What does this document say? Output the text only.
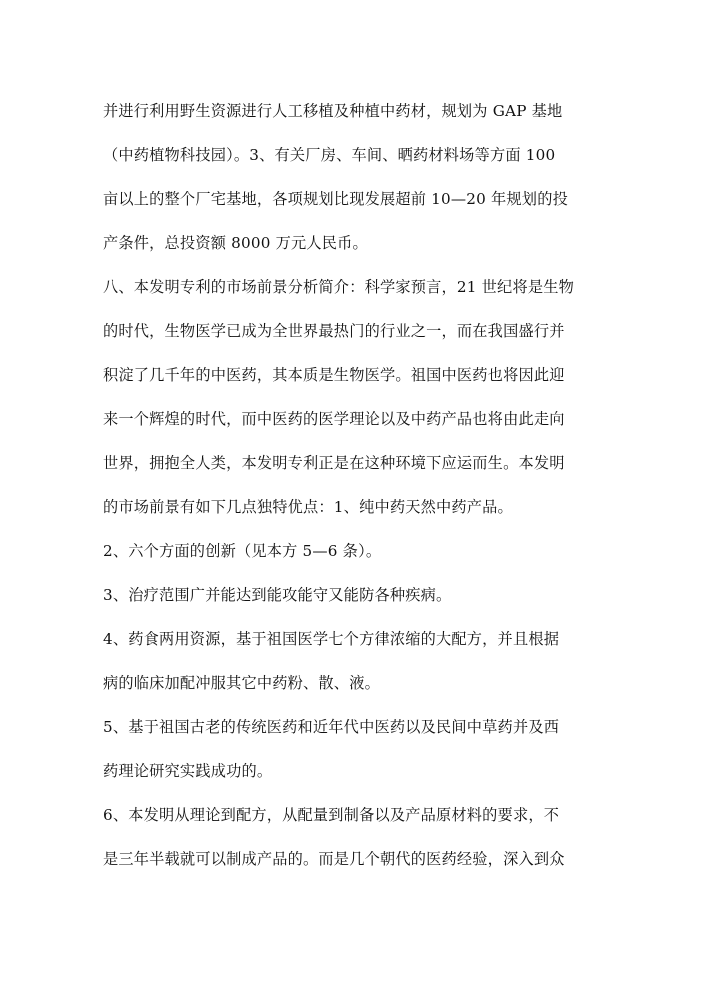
并进行利用野生资源进行人工移植及种植中药材，规划为 GAP 基地
（中药植物科技园）。3、有关厂房、车间、晒药材料场等方面 100
亩以上的整个厂宅基地，各项规划比现发展超前 10—20 年规划的投
产条件，总投资额 8000 万元人民币。
八、本发明专利的市场前景分析简介：科学家预言，21 世纪将是生物
的时代，生物医学已成为全世界最热门的行业之一，而在我国盛行并
积淀了几千年的中医药，其本质是生物医学。祖国中医药也将因此迎
来一个辉煌的时代，而中医药的医学理论以及中药产品也将由此走向
世界，拥抱全人类，本发明专利正是在这种环境下应运而生。本发明
的市场前景有如下几点独特优点：1、纯中药天然中药产品。
2、六个方面的创新（见本方 5—6 条）。
3、治疗范围广并能达到能攻能守又能防各种疾病。
4、药食两用资源，基于祖国医学七个方律浓缩的大配方，并且根据
病的临床加配冲服其它中药粉、散、液。
5、基于祖国古老的传统医药和近年代中医药以及民间中草药并及西
药理论研究实践成功的。
6、本发明从理论到配方，从配量到制备以及产品原材料的要求，不
是三年半载就可以制成产品的。而是几个朝代的医药经验，深入到众
